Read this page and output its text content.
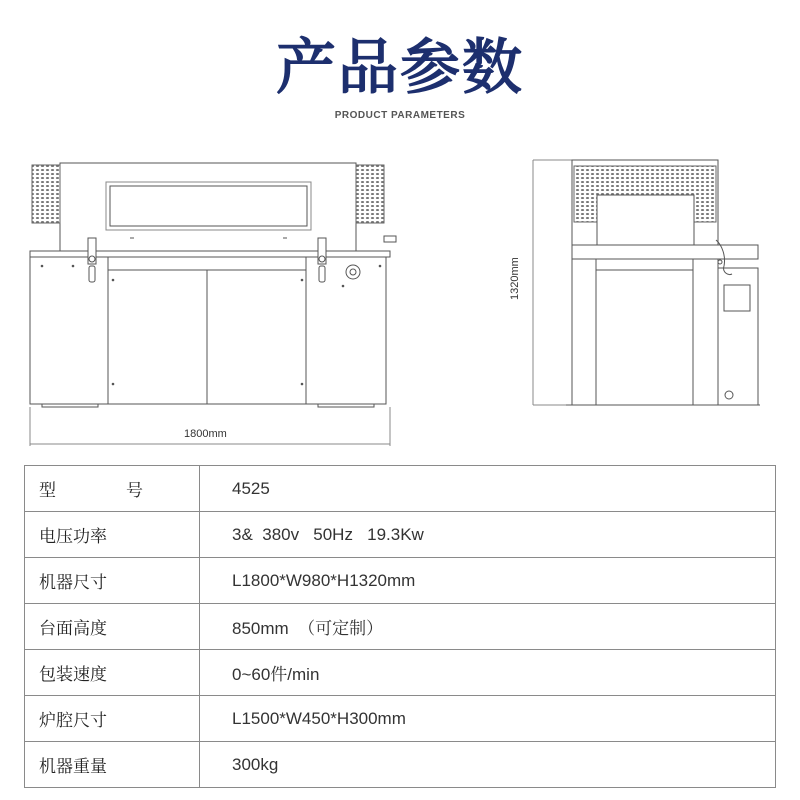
产品参数
PRODUCT PARAMETERS
1800mm
1320mm
型 号	4525
电压功率	3&  380v   50Hz   19.3Kw
机器尺寸	L1800*W980*H1320mm
台面高度	850mm  （可定制）
包装速度	0~60件/min
炉腔尺寸	L1500*W450*H300mm
机器重量	300kg
